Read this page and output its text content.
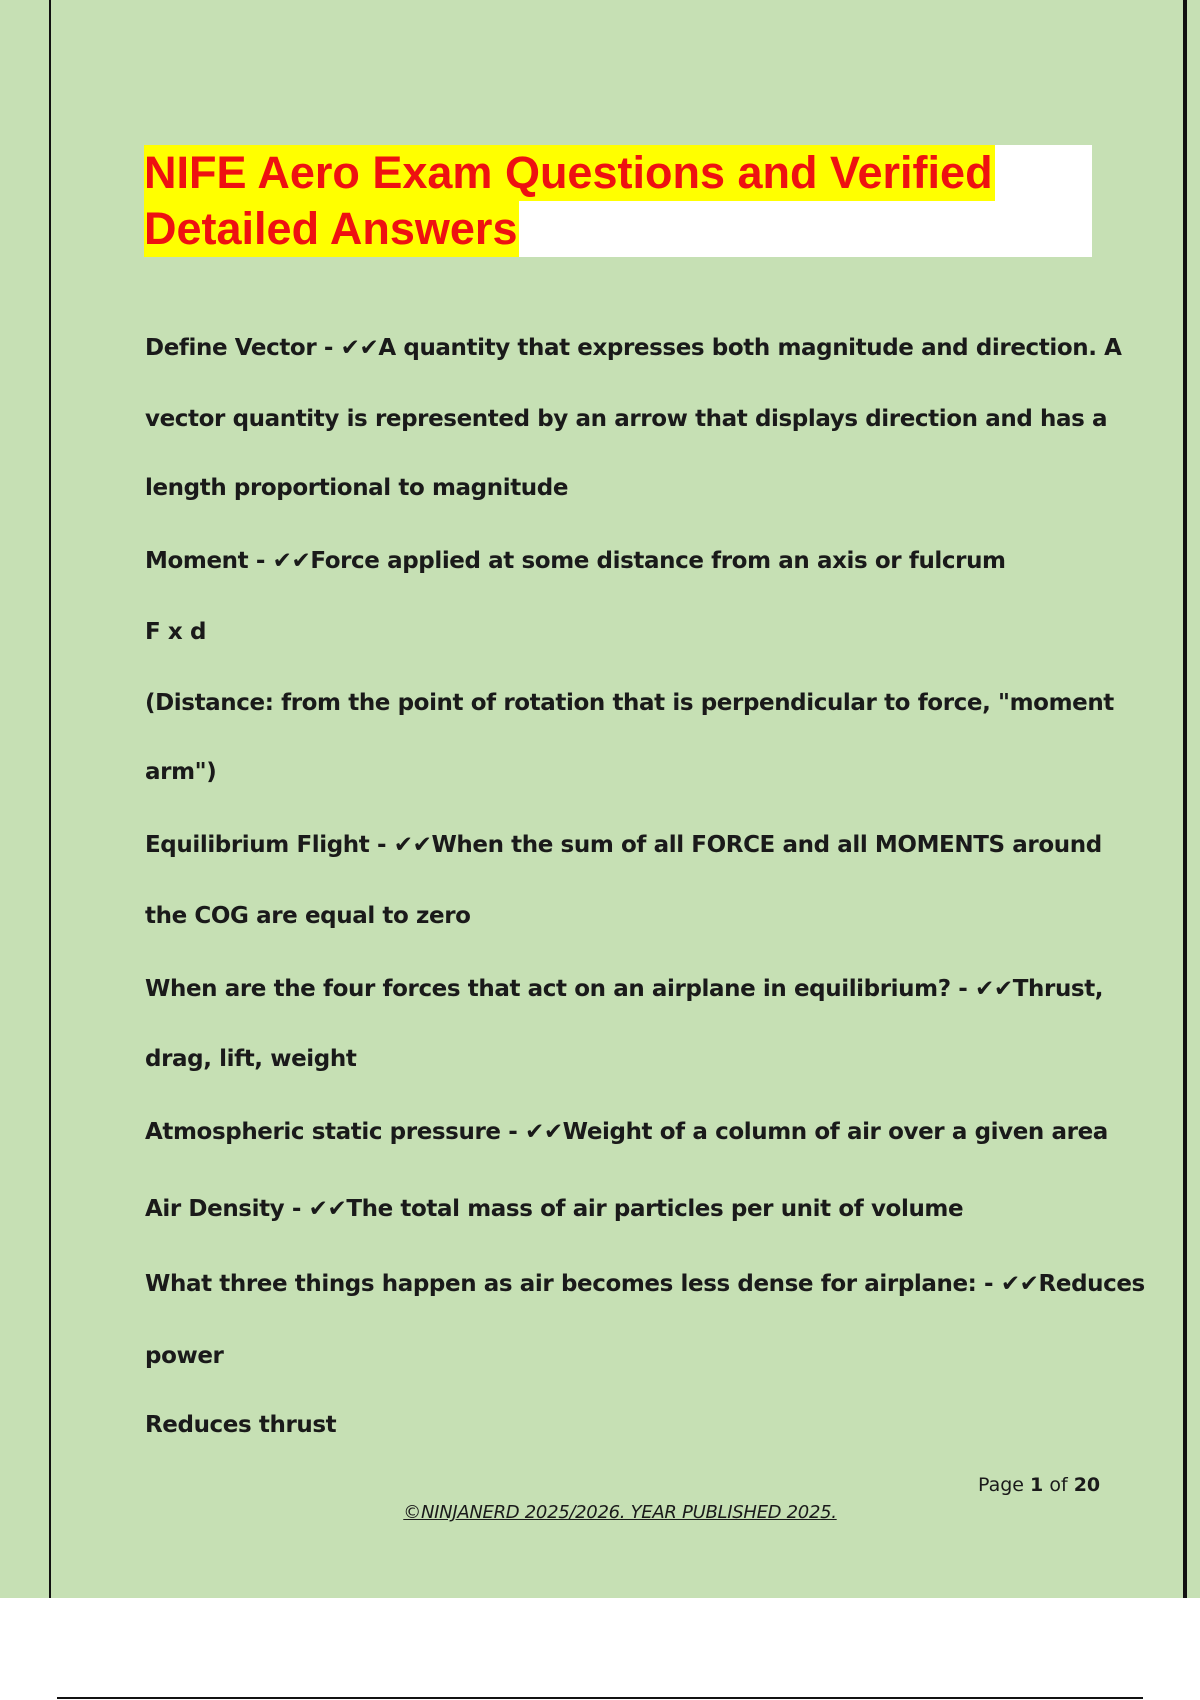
NIFE Aero Exam Questions and Verified
Detailed Answers

Define Vector - ✔✔A quantity that expresses both magnitude and direction. A

vector quantity is represented by an arrow that displays direction and has a

length proportional to magnitude

Moment - ✔✔Force applied at some distance from an axis or fulcrum

F x d

(Distance: from the point of rotation that is perpendicular to force, "moment

arm")

Equilibrium Flight - ✔✔When the sum of all FORCE and all MOMENTS around

the COG are equal to zero

When are the four forces that act on an airplane in equilibrium? - ✔✔Thrust,

drag, lift, weight

Atmospheric static pressure - ✔✔Weight of a column of air over a given area

Air Density - ✔✔The total mass of air particles per unit of volume

What three things happen as air becomes less dense for airplane: - ✔✔Reduces

power

Reduces thrust

Page 1 of 20
©NINJANERD 2025/2026. YEAR PUBLISHED 2025.
